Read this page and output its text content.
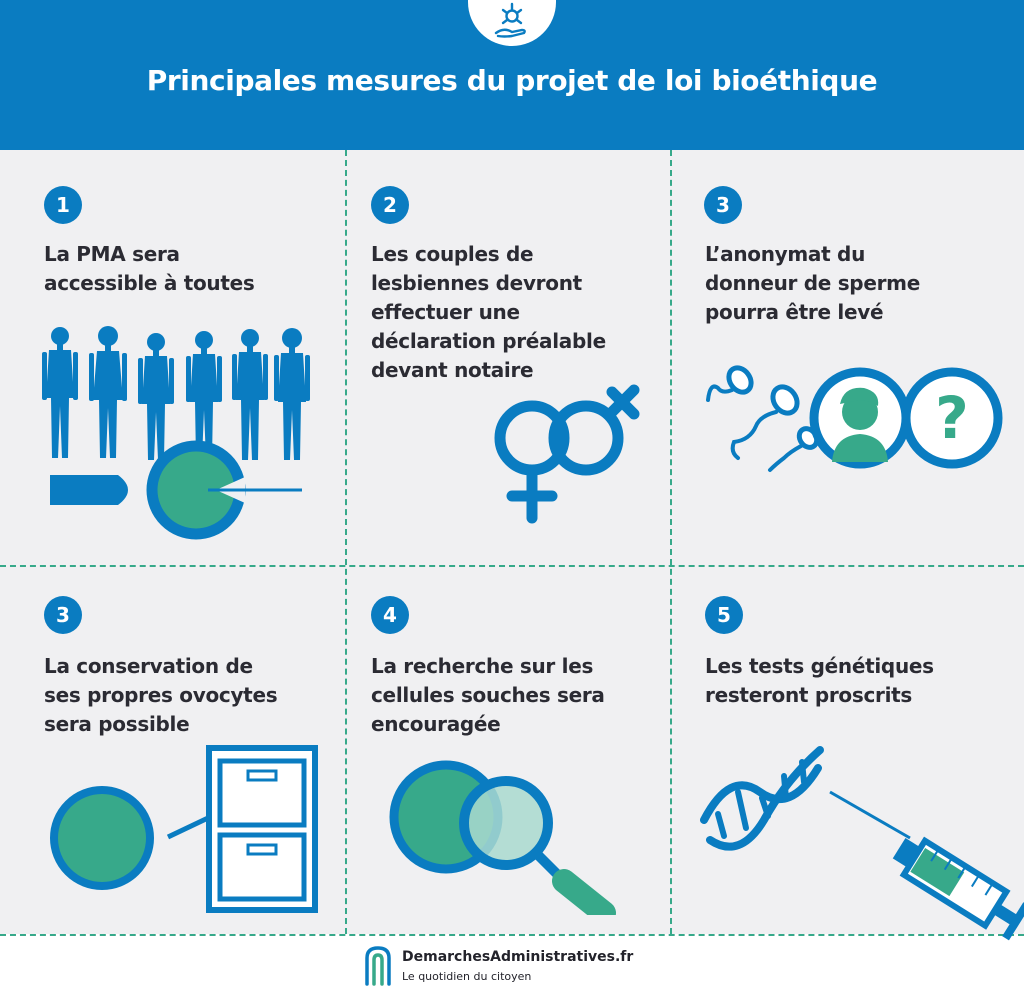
Principales mesures du projet de loi bioéthique
1
La PMA sera
accessible à toutes
2
Les couples de
lesbiennes devront
effectuer une
déclaration préalable
devant notaire
3
L’anonymat du
donneur de sperme
pourra être levé
?
3
La conservation de
ses propres ovocytes
sera possible
4
La recherche sur les
cellules souches sera
encouragée
5
Les tests génétiques
resteront proscrits
DemarchesAdministratives.fr
Le quotidien du citoyen
